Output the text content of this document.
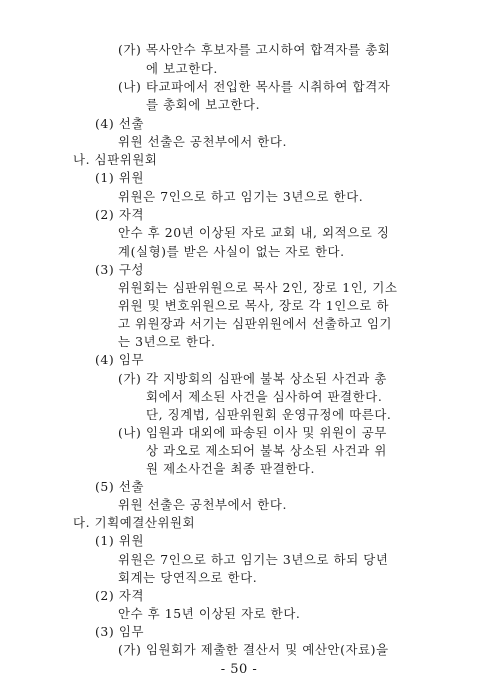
(가) 목사안수 후보자를 고시하여 합격자를 총회
에 보고한다.
(나) 타교파에서 전입한 목사를 시취하여 합격자
를 총회에 보고한다.
(4) 선출
위원 선출은 공천부에서 한다.
나. 심판위원회
(1) 위원
위원은 7인으로 하고 임기는 3년으로 한다.
(2) 자격
안수 후 20년 이상된 자로 교회 내, 외적으로 징
계(실형)를 받은 사실이 없는 자로 한다.
(3) 구성
위원회는 심판위원으로 목사 2인, 장로 1인, 기소
위원 및 변호위원으로 목사, 장로 각 1인으로 하
고 위원장과 서기는 심판위원에서 선출하고 임기
는 3년으로 한다.
(4) 임무
(가) 각 지방회의 심판에 불복 상소된 사건과 총
회에서 제소된 사건을 심사하여 판결한다.
단, 징계법, 심판위원회 운영규정에 따른다.
(나) 임원과 대외에 파송된 이사 및 위원이 공무
상 과오로 제소되어 불복 상소된 사건과 위
원 제소사건을 최종 판결한다.
(5) 선출
위원 선출은 공천부에서 한다.
다. 기획예결산위원회
(1) 위원
위원은 7인으로 하고 임기는 3년으로 하되 당년
회계는 당연직으로 한다.
(2) 자격
안수 후 15년 이상된 자로 한다.
(3) 임무
(가) 임원회가 제출한 결산서 및 예산안(자료)을
- 50 -
